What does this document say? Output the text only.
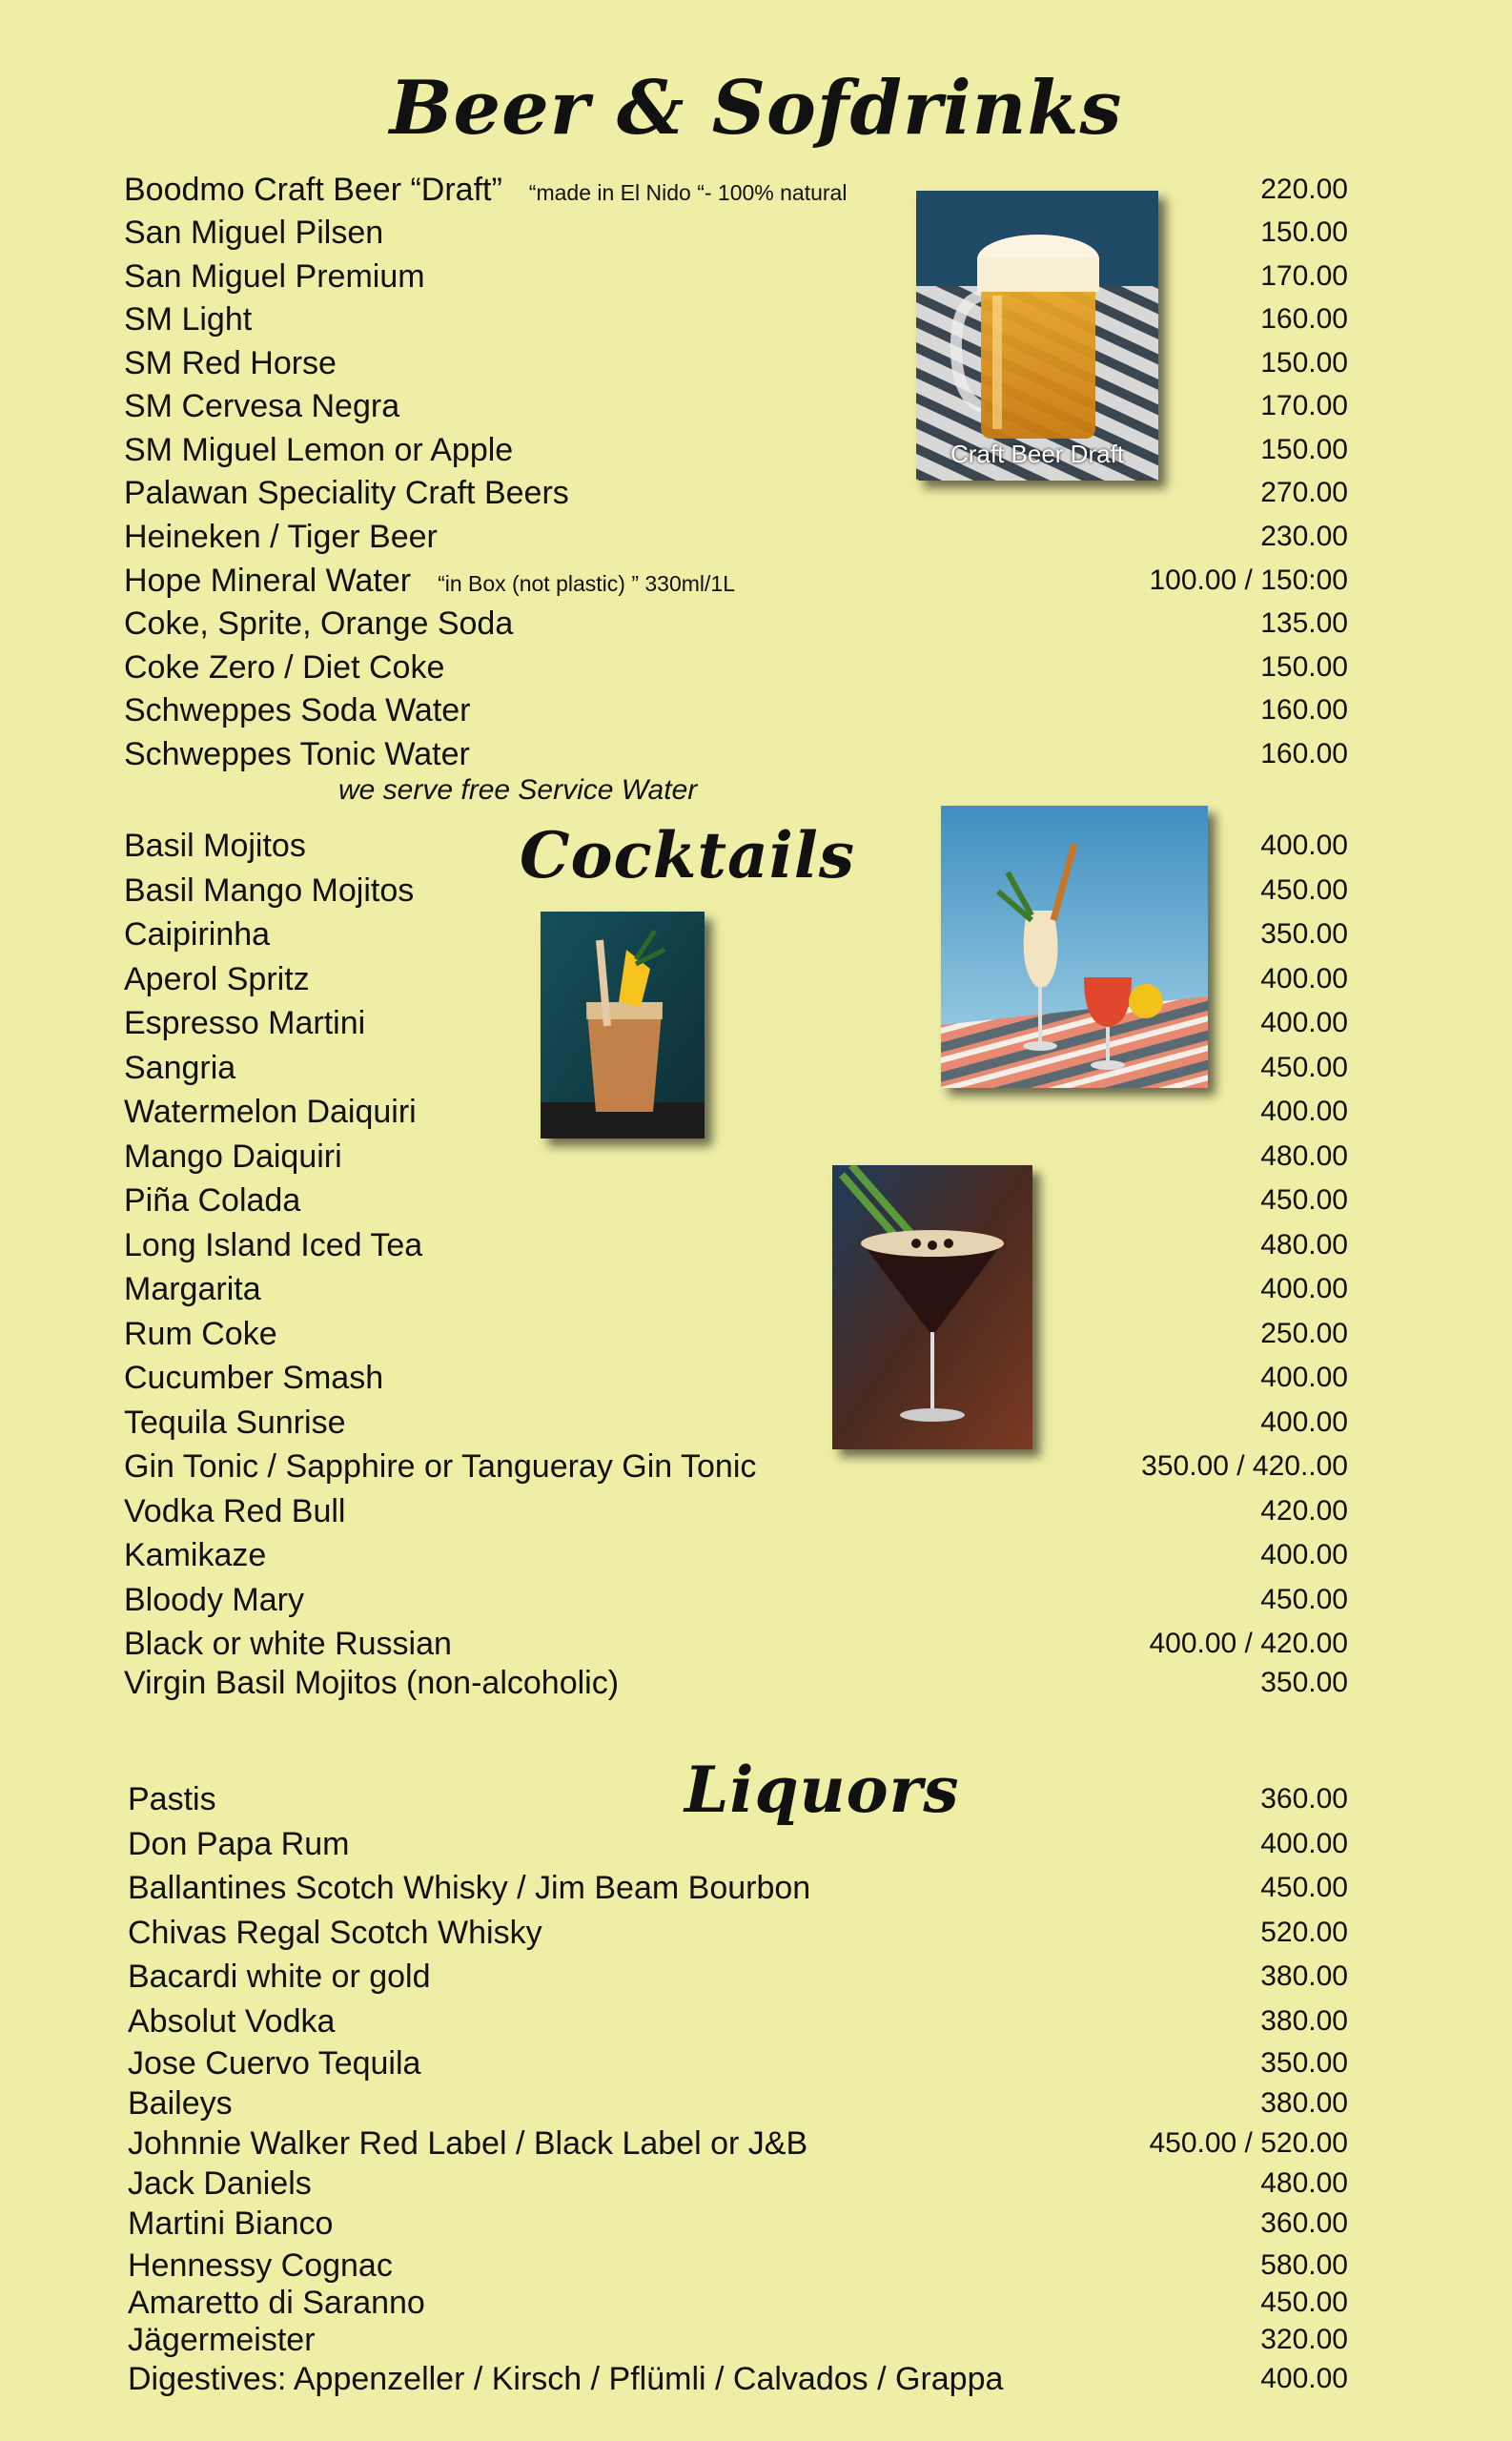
Beer & Sofdrinks
Cocktails
Liquors
Boodmo Craft Beer “Draft” “made in El Nido “- 100% natural	220.00
San Miguel Pilsen	150.00
San Miguel Premium	170.00
SM Light	160.00
SM Red Horse	150.00
SM Cervesa Negra	170.00
SM Miguel Lemon or Apple	150.00
Palawan Speciality Craft Beers	270.00
Heineken / Tiger Beer	230.00
Hope Mineral Water “in Box (not plastic) ” 330ml/1L	100.00 / 150:00
Coke, Sprite, Orange Soda	135.00
Coke Zero / Diet Coke	150.00
Schweppes Soda Water	160.00
Schweppes Tonic Water	160.00
we serve free Service Water
Basil Mojitos	400.00
Basil Mango Mojitos	450.00
Caipirinha	350.00
Aperol Spritz	400.00
Espresso Martini	400.00
Sangria	450.00
Watermelon Daiquiri	400.00
Mango Daiquiri	480.00
Piña Colada	450.00
Long Island Iced Tea	480.00
Margarita	400.00
Rum Coke	250.00
Cucumber Smash	400.00
Tequila Sunrise	400.00
Gin Tonic / Sapphire or Tangueray Gin Tonic	350.00 / 420..00
Vodka Red Bull	420.00
Kamikaze	400.00
Bloody Mary	450.00
Black or white Russian	400.00 / 420.00
Virgin Basil Mojitos (non-alcoholic)	350.00
Pastis	360.00
Don Papa Rum	400.00
Ballantines Scotch Whisky / Jim Beam Bourbon	450.00
Chivas Regal Scotch Whisky	520.00
Bacardi white or gold	380.00
Absolut Vodka	380.00
Jose Cuervo Tequila	350.00
Baileys	380.00
Johnnie Walker Red Label / Black Label or J&B	450.00 / 520.00
Jack Daniels	480.00
Martini Bianco	360.00
Hennessy Cognac	580.00
Amaretto di Saranno	450.00
Jägermeister	320.00
Digestives: Appenzeller / Kirsch / Pflümli / Calvados / Grappa	400.00
Craft Beer Draft
